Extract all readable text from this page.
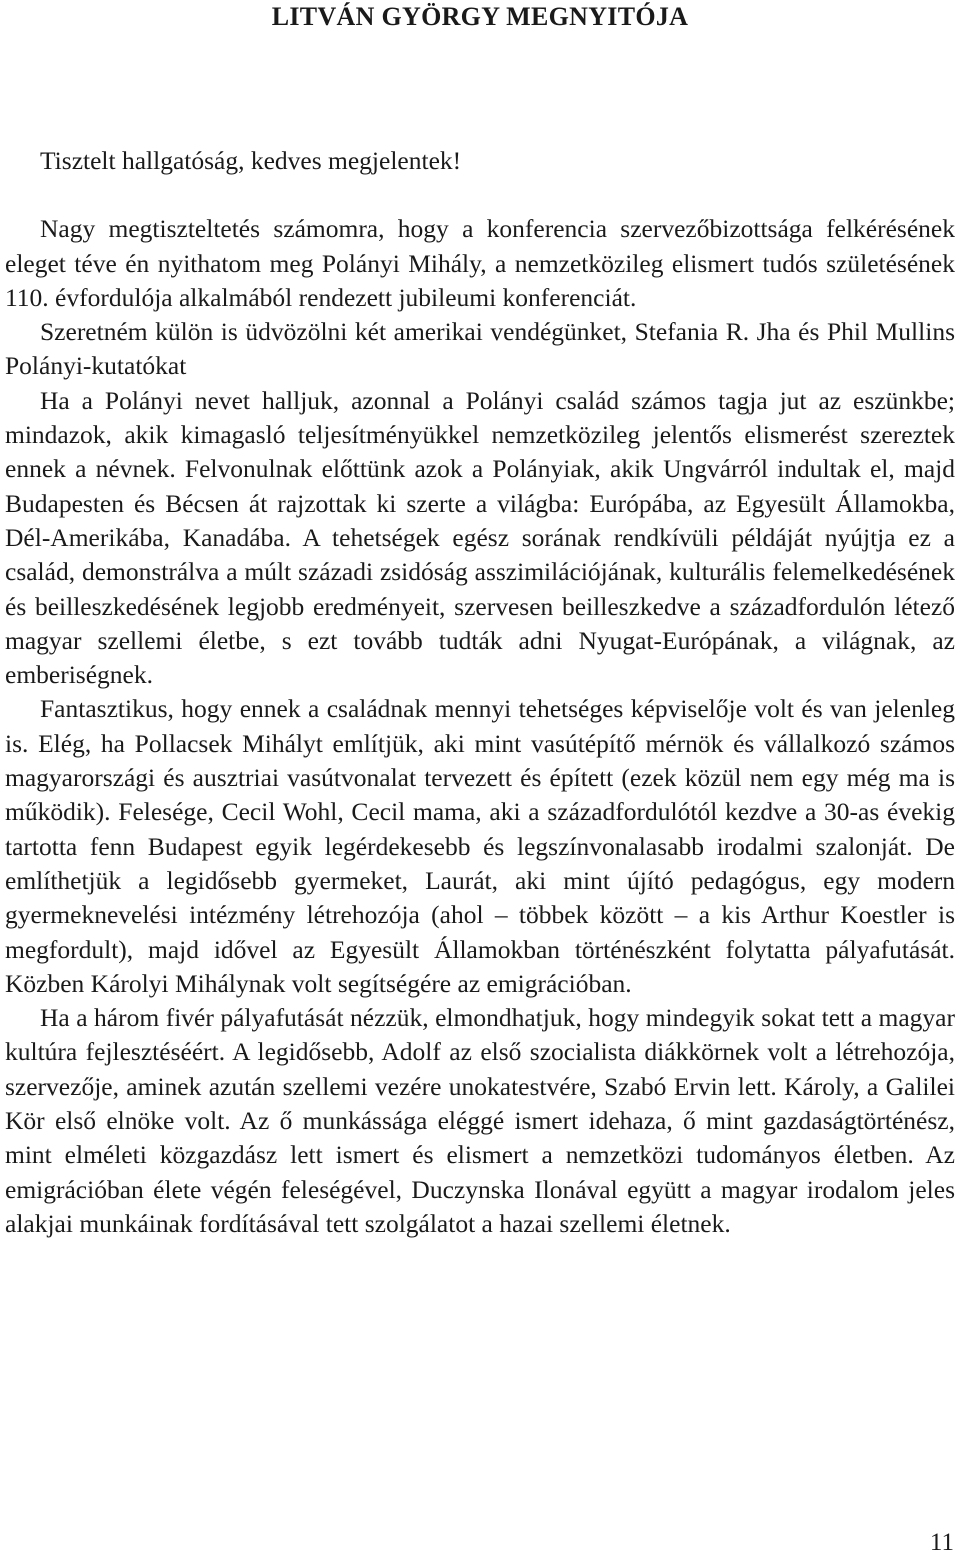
LITVÁN GYÖRGY MEGNYITÓJA

Tisztelt hallgatóság, kedves megjelentek!

Nagy megtiszteltetés számomra, hogy a konferencia szervezőbizottsága felkérésének eleget téve én nyithatom meg Polányi Mihály, a nemzetközileg elismert tudós születésének 110. évfordulója alkalmából rendezett jubileumi konferenciát.

Szeretném külön is üdvözölni két amerikai vendégünket, Stefania R. Jha és Phil Mullins Polányi-kutatókat

Ha a Polányi nevet halljuk, azonnal a Polányi család számos tagja jut az eszünkbe; mindazok, akik kimagasló teljesítményükkel nemzetközileg jelentős elismerést szereztek ennek a névnek. Felvonulnak előttünk azok a Polányiak, akik Ungvárról indultak el, majd Budapesten és Bécsen át rajzottak ki szerte a világba: Európába, az Egyesült Államokba, Dél-Amerikába, Kanadába. A tehetségek egész sorának rendkívüli példáját nyújtja ez a család, demonstrálva a múlt századi zsidóság asszimilációjának, kulturális felemelkedésének és beilleszkedésének legjobb eredményeit, szervesen beilleszkedve a századfordulón létező magyar szellemi életbe, s ezt tovább tudták adni Nyugat-Európának, a világnak, az emberiségnek.

Fantasztikus, hogy ennek a családnak mennyi tehetséges képviselője volt és van jelenleg is. Elég, ha Pollacsek Mihályt említjük, aki mint vasútépítő mérnök és vállalkozó számos magyarországi és ausztriai vasútvonalat tervezett és épített (ezek közül nem egy még ma is működik). Felesége, Cecil Wohl, Cecil mama, aki a századfordulótól kezdve a 30-as évekig tartotta fenn Budapest egyik legérdekesebb és legszínvonalasabb irodalmi szalonját. De említhetjük a legidősebb gyermeket, Laurát, aki mint újító pedagógus, egy modern gyermeknevelési intézmény létrehozója (ahol – többek között – a kis Arthur Koestler is megfordult), majd idővel az Egyesült Államokban történészként folytatta pályafutását. Közben Károlyi Mihálynak volt segítségére az emigrációban.

Ha a három fivér pályafutását nézzük, elmondhatjuk, hogy mindegyik sokat tett a magyar kultúra fejlesztéséért. A legidősebb, Adolf az első szocialista diákkörnek volt a létrehozója, szervezője, aminek azután szellemi vezére unokatestvére, Szabó Ervin lett. Károly, a Galilei Kör első elnöke volt. Az ő munkássága eléggé ismert idehaza, ő mint gazdaságtörténész, mint elméleti közgazdász lett ismert és elismert a nemzetközi tudományos életben. Az emigrációban élete végén feleségével, Duczynska Ilonával együtt a magyar irodalom jeles alakjai munkáinak fordításával tett szolgálatot a hazai szellemi életnek.

11
